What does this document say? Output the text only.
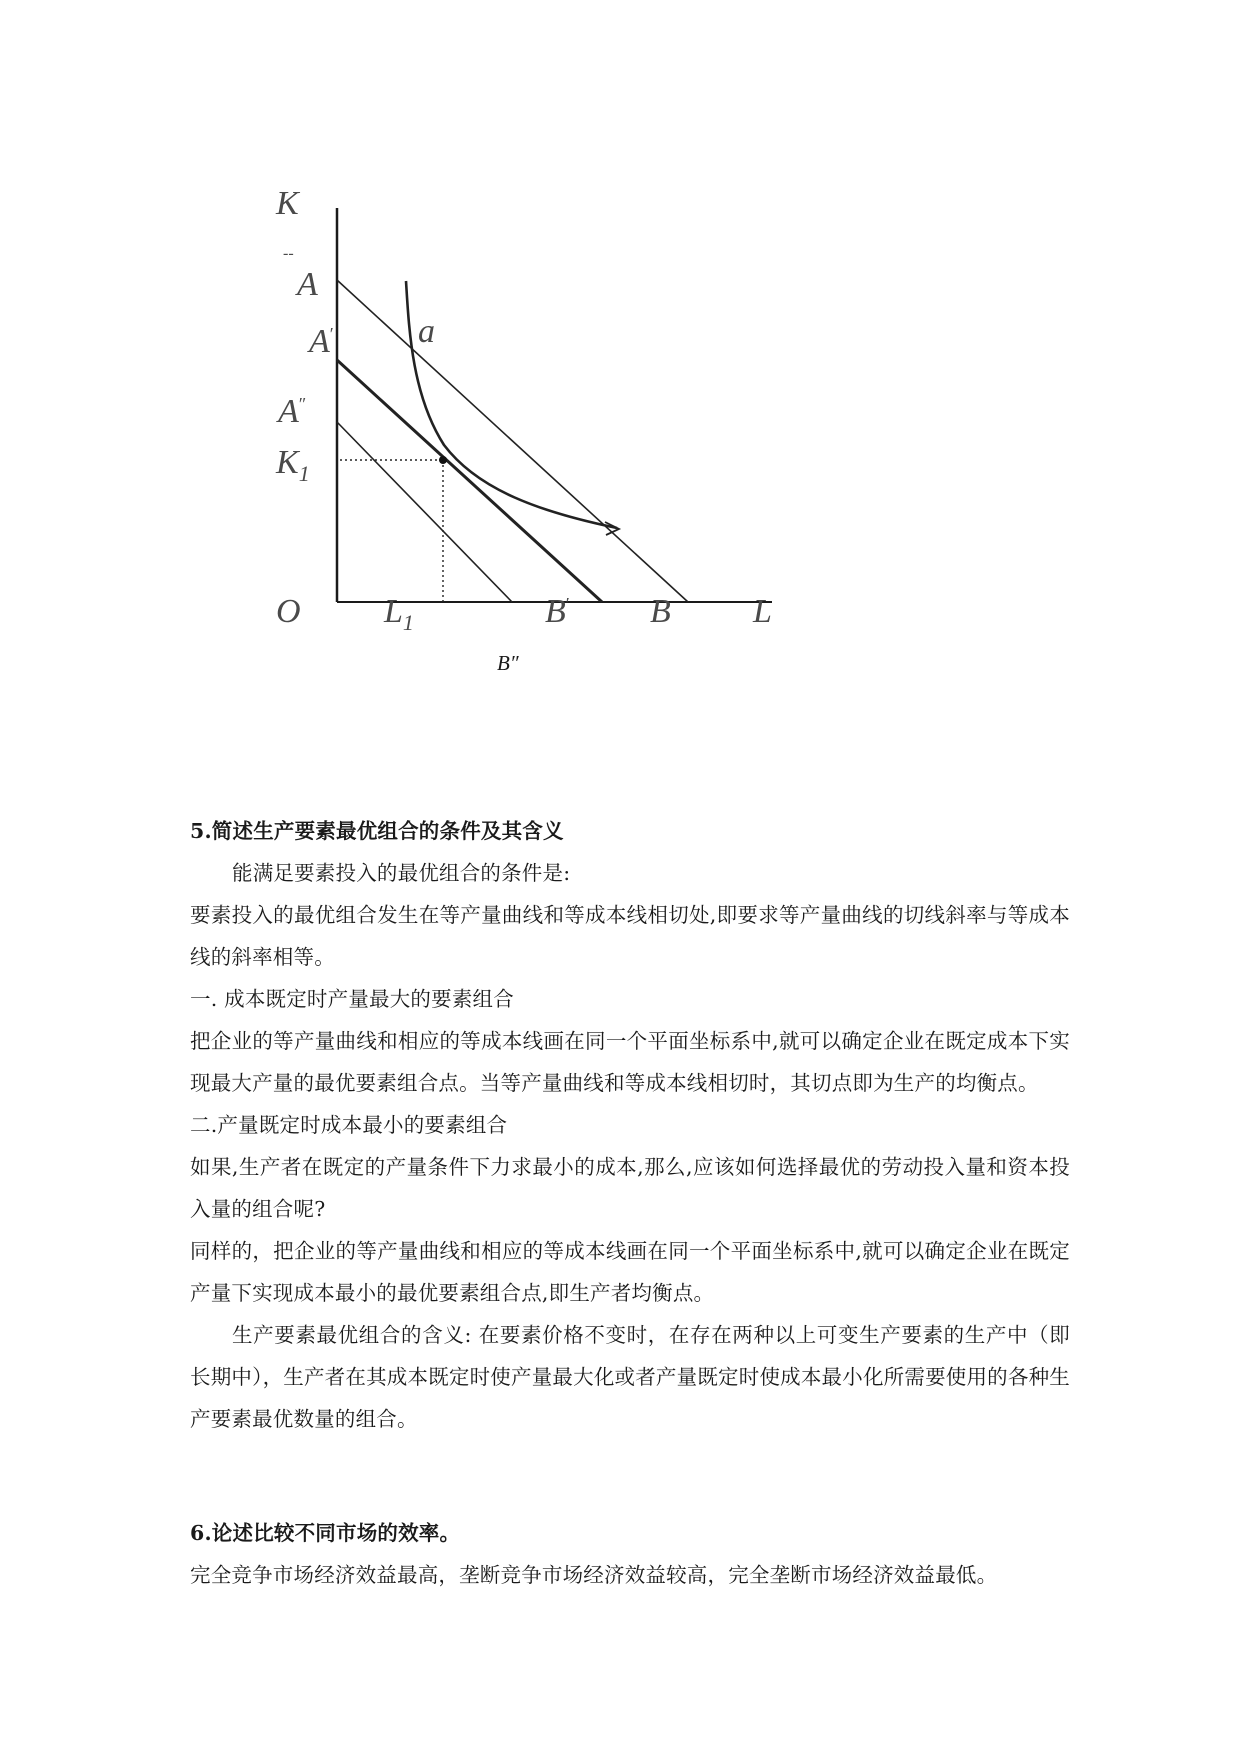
K
--
A
A′ a
A″
$K_1$
O $L_1$	B′ B L
B″
5.简述生产要素最优组合的条件及其含义

能满足要素投入的最优组合的条件是:

要素投入的最优组合发生在等产量曲线和等成本线相切处,即要求等产量曲线的切线斜率与等成本线的斜率相等。

一. 成本既定时产量最大的要素组合

把企业的等产量曲线和相应的等成本线画在同一个平面坐标系中,就可以确定企业在既定成本下实现最大产量的最优要素组合点。当等产量曲线和等成本线相切时，其切点即为生产的均衡点。

二.产量既定时成本最小的要素组合

如果,生产者在既定的产量条件下力求最小的成本,那么,应该如何选择最优的劳动投入量和资本投入量的组合呢?

同样的，把企业的等产量曲线和相应的等成本线画在同一个平面坐标系中,就可以确定企业在既定产量下实现成本最小的最优要素组合点,即生产者均衡点。

生产要素最优组合的含义: 在要素价格不变时，在存在两种以上可变生产要素的生产中（即长期中），生产者在其成本既定时使产量最大化或者产量既定时使成本最小化所需要使用的各种生产要素最优数量的组合。

6.论述比较不同市场的效率。

完全竞争市场经济效益最高，垄断竞争市场经济效益较高，完全垄断市场经济效益最低。
